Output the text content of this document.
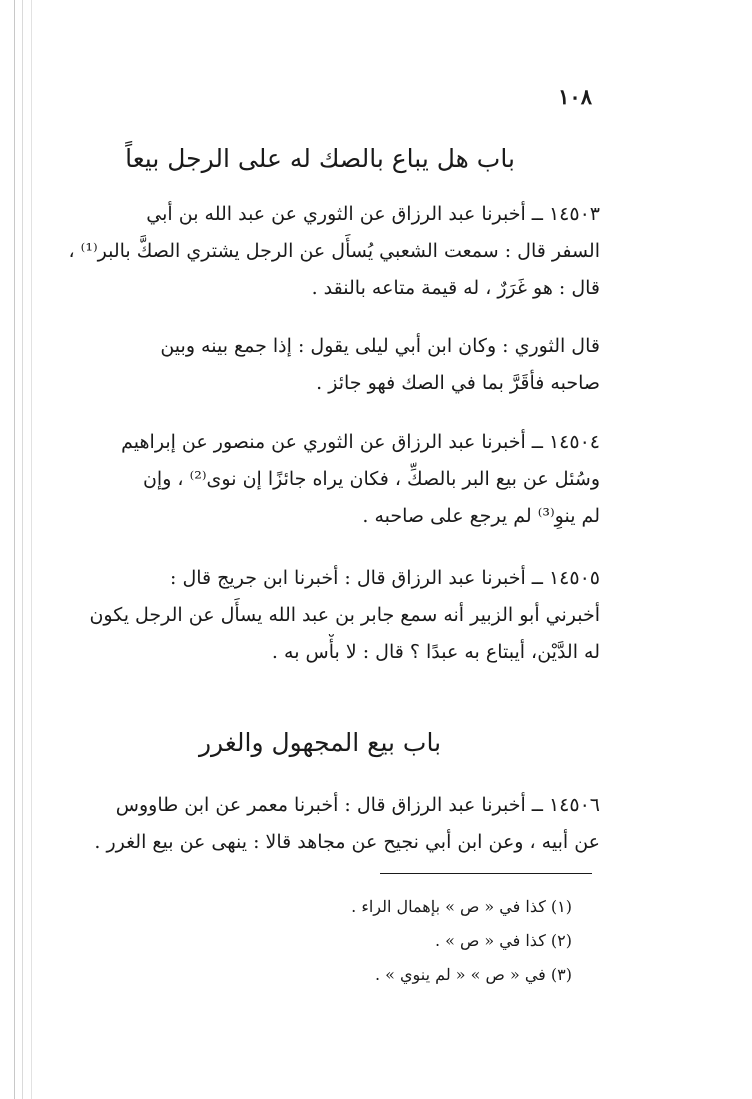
١٠٨
باب هل يباع بالصك له على الرجل بيعاً
١٤٥٠٣ ــ أخبرنا عبد الرزاق عن الثوري عن عبد الله بن أبي
السفر قال : سمعت الشعبي يُسأَل عن الرجل يشتري الصكَّ بالبر⁽¹⁾ ،
قال : هو غَرَرٌ ، له قيمة متاعه بالنقد .
قال الثوري : وكان ابن أبي ليلى يقول : إذا جمع بينه وبين
صاحبه فأقَرَّ بما في الصك فهو جائز .
١٤٥٠٤ ــ أخبرنا عبد الرزاق عن الثوري عن منصور عن إبراهيم
وسُئل عن بيع البر بالصكِّ ، فكان يراه جائزًا إن نوى⁽²⁾ ، وإن
لم ينوِ⁽³⁾ لم يرجع على صاحبه .
١٤٥٠٥ ــ أخبرنا عبد الرزاق قال : أخبرنا ابن جريج قال :
أخبرني أبو الزبير أنه سمع جابر بن عبد الله يسأَل عن الرجل يكون
له الدَّيْن، أيبتاع به عبدًا ؟ قال : لا بأْس به .
باب بيع المجهول والغرر
١٤٥٠٦ ــ أخبرنا عبد الرزاق قال : أخبرنا معمر عن ابن طاووس
عن أبيه ، وعن ابن أبي نجيح عن مجاهد قالا : ينهى عن بيع الغرر .
(١) كذا في « ص » بإهمال الراء .
(٢) كذا في « ص » .
(٣) في « ص » « لم ينوي » .
